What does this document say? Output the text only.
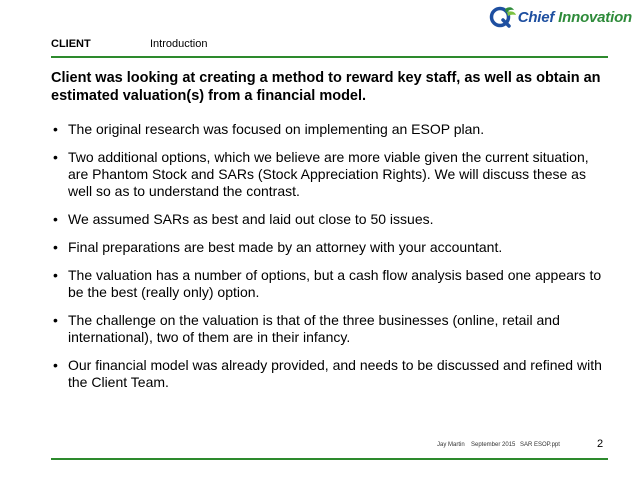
Chief Innovation
CLIENT	Introduction
Client was looking at creating a method to reward key staff, as well as obtain an estimated valuation(s) from a financial model.
• The original research was focused on implementing an ESOP plan.
• Two additional options, which we believe are more viable given the current situation, are Phantom Stock and SARs (Stock Appreciation Rights). We will discuss these as well so as to understand the contrast.
• We assumed SARs as best and laid out close to 50 issues.
• Final preparations are best made by an attorney with your accountant.
• The valuation has a number of options, but a cash flow analysis based one appears to be the best (really only) option.
• The challenge on the valuation is that of the three businesses (online, retail and international), two of them are in their infancy.
• Our financial model was already provided, and needs to be discussed and refined with the Client Team.
Jay Martin September 2015 SAR ESOP.ppt	2
